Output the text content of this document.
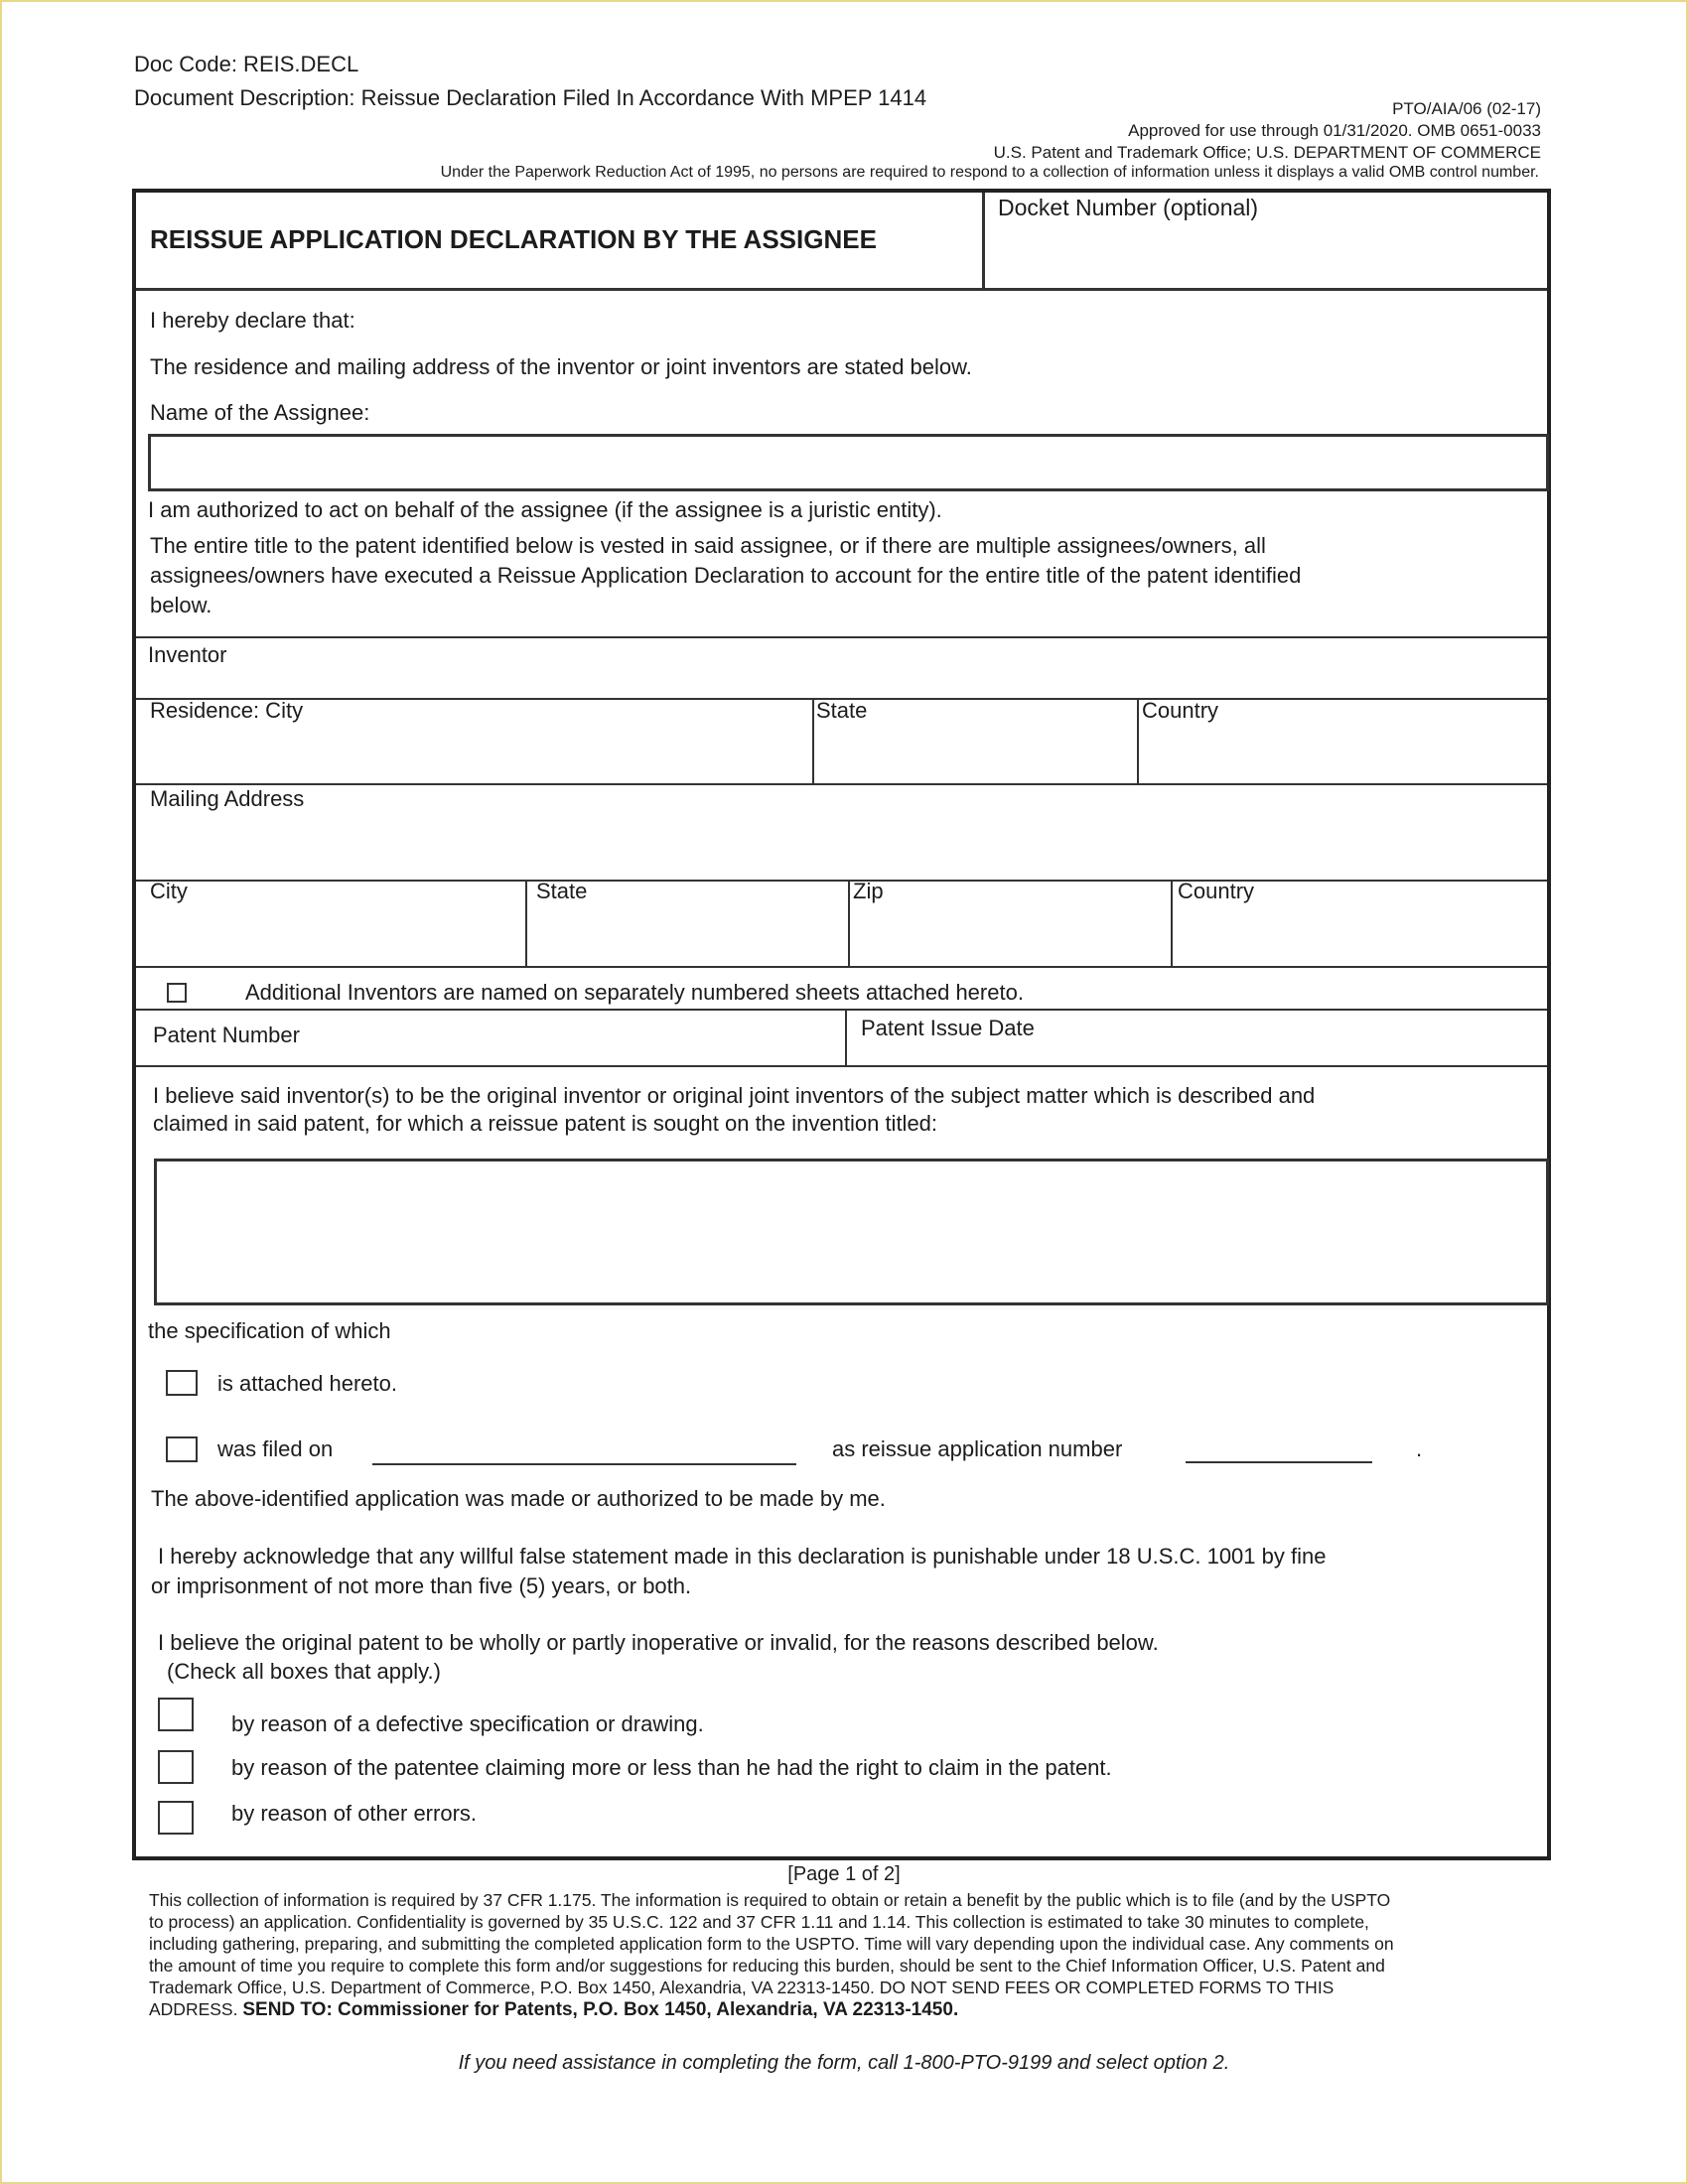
Doc Code: REIS.DECL
Document Description: Reissue Declaration Filed In Accordance With MPEP 1414	PTO/AIA/06 (02-17)
Approved for use through 01/31/2020. OMB 0651-0033
U.S. Patent and Trademark Office; U.S. DEPARTMENT OF COMMERCE
Under the Paperwork Reduction Act of 1995, no persons are required to respond to a collection of information unless it displays a valid OMB control number.
REISSUE APPLICATION DECLARATION BY THE ASSIGNEE
Docket Number (optional)
I hereby declare that:
The residence and mailing address of the inventor or joint inventors are stated below.
Name of the Assignee:
I am authorized to act on behalf of the assignee (if the assignee is a juristic entity).
The entire title to the patent identified below is vested in said assignee, or if there are multiple assignees/owners, all
assignees/owners have executed a Reissue Application Declaration to account for the entire title of the patent identified
below.
Inventor
Residence: City	State	Country
Mailing Address
City	State	Zip	Country
Additional Inventors are named on separately numbered sheets attached hereto.
Patent Number	Patent Issue Date
I believe said inventor(s) to be the original inventor or original joint inventors of the subject matter which is described and
claimed in said patent, for which a reissue patent is sought on the invention titled:
the specification of which
is attached hereto.
was filed on	as reissue application number	.
The above-identified application was made or authorized to be made by me.
I hereby acknowledge that any willful false statement made in this declaration is punishable under 18 U.S.C. 1001 by fine
or imprisonment of not more than five (5) years, or both.
I believe the original patent to be wholly or partly inoperative or invalid, for the reasons described below.
(Check all boxes that apply.)
by reason of a defective specification or drawing.
by reason of the patentee claiming more or less than he had the right to claim in the patent.
by reason of other errors.
[Page 1 of 2]
This collection of information is required by 37 CFR 1.175. The information is required to obtain or retain a benefit by the public which is to file (and by the USPTO
to process) an application. Confidentiality is governed by 35 U.S.C. 122 and 37 CFR 1.11 and 1.14. This collection is estimated to take 30 minutes to complete,
including gathering, preparing, and submitting the completed application form to the USPTO. Time will vary depending upon the individual case. Any comments on
the amount of time you require to complete this form and/or suggestions for reducing this burden, should be sent to the Chief Information Officer, U.S. Patent and
Trademark Office, U.S. Department of Commerce, P.O. Box 1450, Alexandria, VA 22313-1450. DO NOT SEND FEES OR COMPLETED FORMS TO THIS
ADDRESS. SEND TO: Commissioner for Patents, P.O. Box 1450, Alexandria, VA 22313-1450.
If you need assistance in completing the form, call 1-800-PTO-9199 and select option 2.
